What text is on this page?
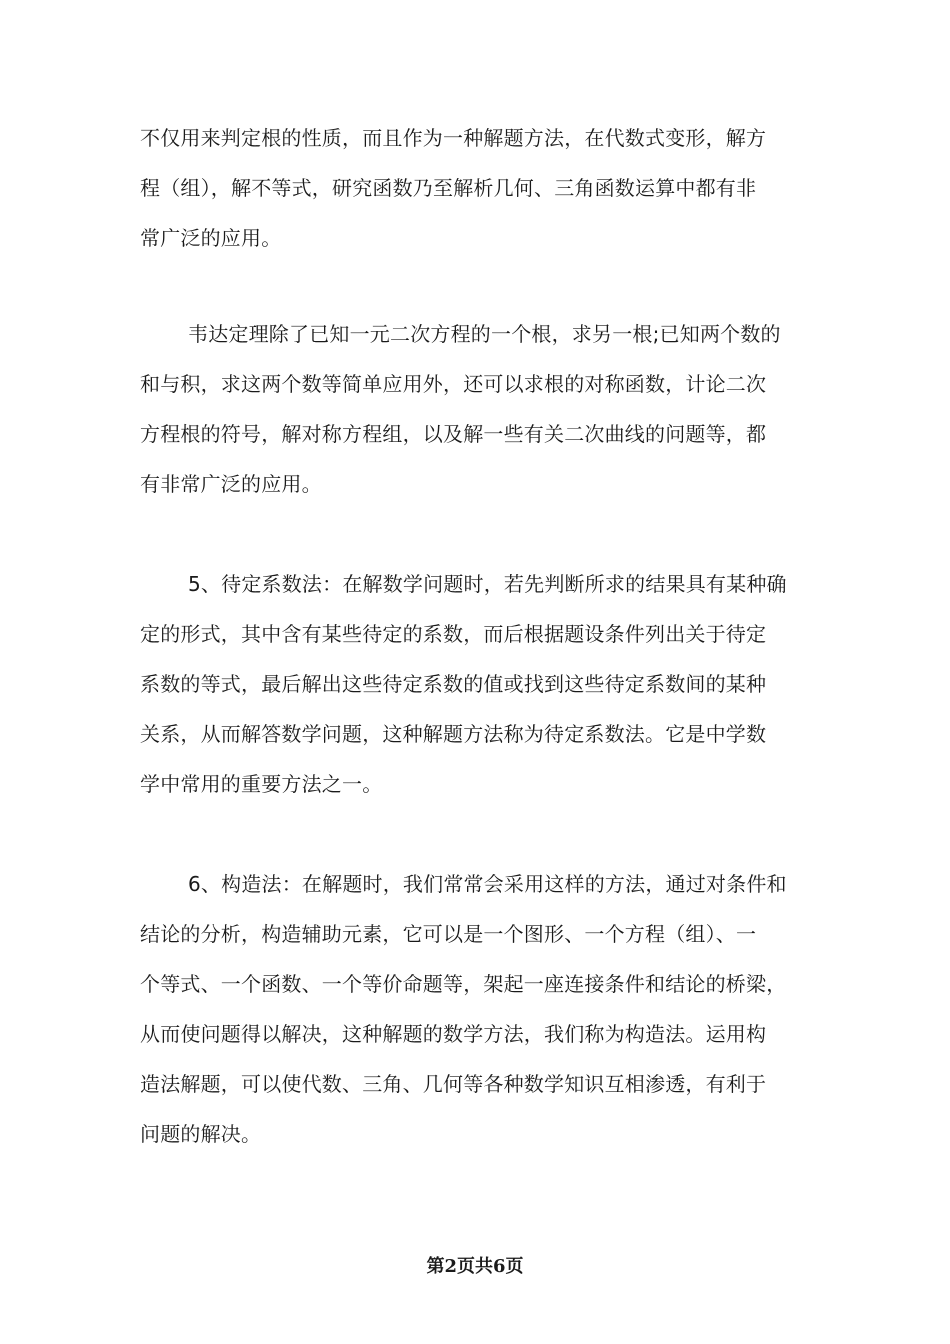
不仅用来判定根的性质，而且作为一种解题方法，在代数式变形，解方
程（组），解不等式，研究函数乃至解析几何、三角函数运算中都有非
常广泛的应用。
韦达定理除了已知一元二次方程的一个根，求另一根;已知两个数的
和与积，求这两个数等简单应用外，还可以求根的对称函数，计论二次
方程根的符号，解对称方程组，以及解一些有关二次曲线的问题等，都
有非常广泛的应用。
5、待定系数法：在解数学问题时，若先判断所求的结果具有某种确
定的形式，其中含有某些待定的系数，而后根据题设条件列出关于待定
系数的等式，最后解出这些待定系数的值或找到这些待定系数间的某种
关系，从而解答数学问题，这种解题方法称为待定系数法。它是中学数
学中常用的重要方法之一。
6、构造法：在解题时，我们常常会采用这样的方法，通过对条件和
结论的分析，构造辅助元素，它可以是一个图形、一个方程（组）、一
个等式、一个函数、一个等价命题等，架起一座连接条件和结论的桥梁，
从而使问题得以解决，这种解题的数学方法，我们称为构造法。运用构
造法解题，可以使代数、三角、几何等各种数学知识互相渗透，有利于
问题的解决。
第2页共6页
